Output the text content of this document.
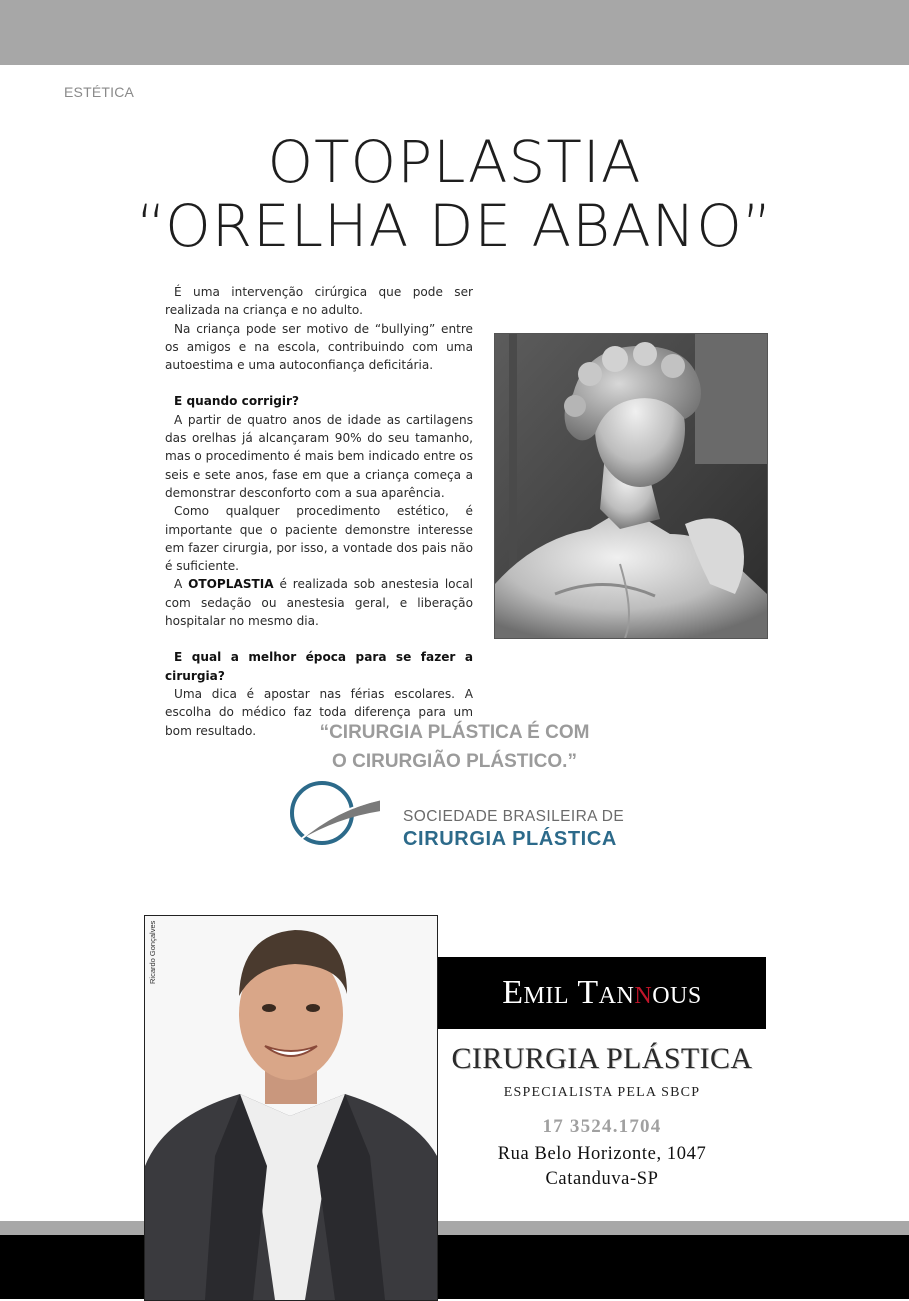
ESTÉTICA
OTOPLASTIA
“ORELHA DE ABANO”

É uma intervenção cirúrgica que pode ser realizada na criança e no adulto.

Na criança pode ser motivo de “bullying” entre os amigos e na escola, contribuindo com uma autoestima e uma autoconfiança deficitária.

E quando corrigir?

A partir de quatro anos de idade as cartilagens das orelhas já alcançaram 90% do seu tamanho, mas o procedimento é mais bem indicado entre os seis e sete anos, fase em que a criança começa a demonstrar desconforto com a sua aparência.

Como qualquer procedimento estético, é importante que o paciente demonstre interesse em fazer cirurgia, por isso, a vontade dos pais não é suficiente.

A OTOPLASTIA é realizada sob anestesia local com sedação ou anestesia geral, e liberação hospitalar no mesmo dia.

E qual a melhor época para se fazer a cirurgia?

Uma dica é apostar nas férias escolares. A escolha do médico faz toda diferença para um bom resultado.	“CIRURGIA PLÁSTICA É COM
O CIRURGIÃO PLÁSTICO.”
SOCIEDADE BRASILEIRA DE
CIRURGIA PLÁSTICA
Ricardo Gonçalves
Emil Tannous
CIRURGIA PLÁSTICA
ESPECIALISTA PELA SBCP
17 3524.1704
Rua Belo Horizonte, 1047
Catanduva-SP
